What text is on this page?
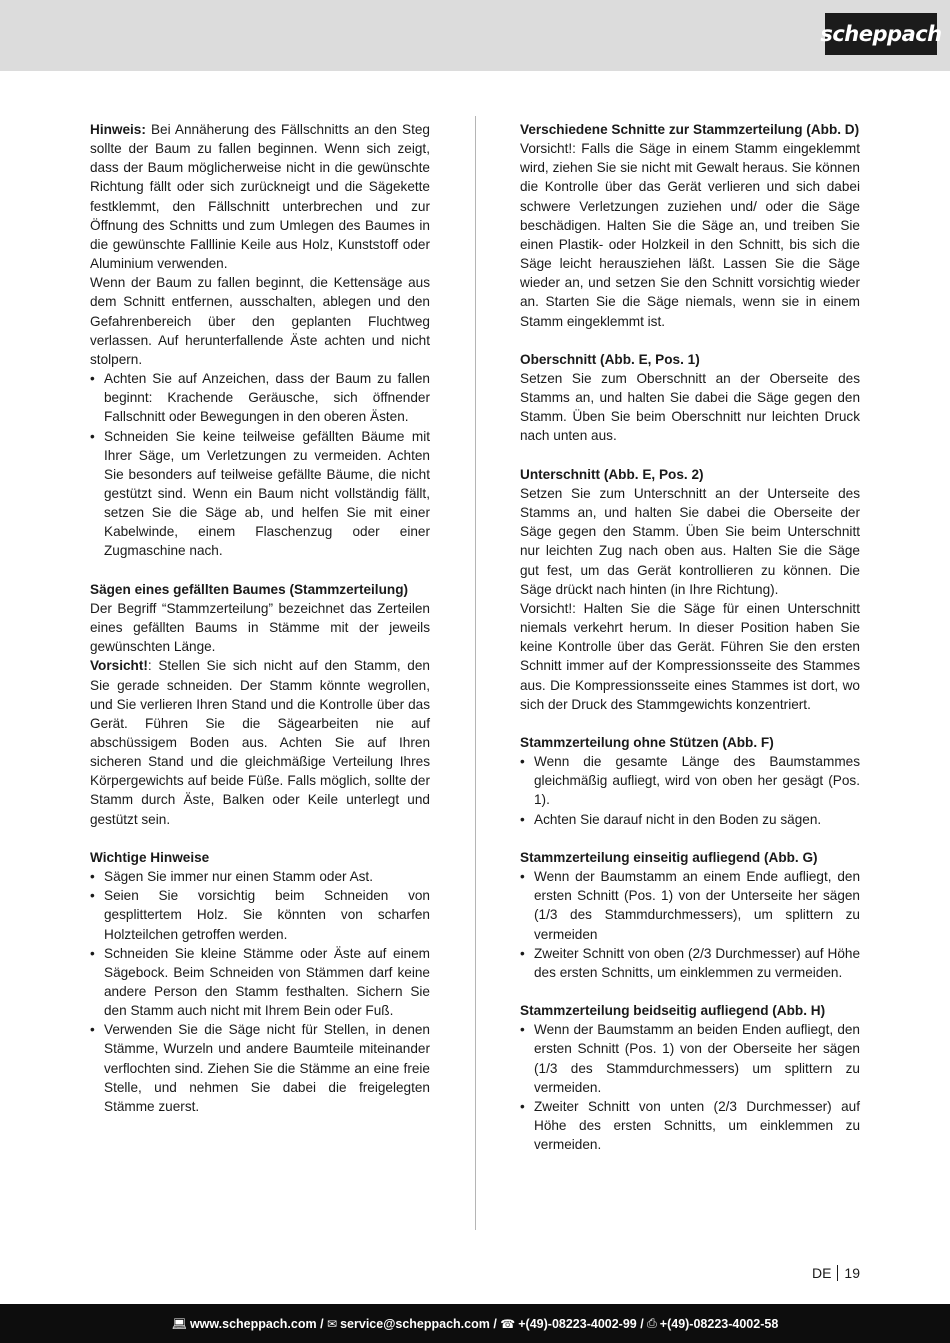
scheppach

Hinweis: Bei Annäherung des Fällschnitts an den Steg sollte der Baum zu fallen beginnen. Wenn sich zeigt, dass der Baum möglicherweise nicht in die gewünschte Richtung fällt oder sich zurückneigt und die Sägekette festklemmt, den Fällschnitt unterbrechen und zur Öffnung des Schnitts und zum Umlegen des Baumes in die gewünschte Falllinie Keile aus Holz, Kunststoff oder Aluminium verwenden.

Wenn der Baum zu fallen beginnt, die Kettensäge aus dem Schnitt entfernen, ausschalten, ablegen und den Gefahrenbereich über den geplanten Fluchtweg verlassen. Auf herunterfallende Äste achten und nicht stolpern.

• Achten Sie auf Anzeichen, dass der Baum zu fallen beginnt: Krachende Geräusche, sich öffnender Fallschnitt oder Bewegungen in den oberen Ästen.
• Schneiden Sie keine teilweise gefällten Bäume mit Ihrer Säge, um Verletzungen zu vermeiden. Achten Sie besonders auf teilweise gefällte Bäume, die nicht gestützt sind. Wenn ein Baum nicht vollständig fällt, setzen Sie die Säge ab, und helfen Sie mit einer Kabelwinde, einem Flaschenzug oder einer Zugmaschine nach.

Sägen eines gefällten Baumes (Stammzerteilung)

Der Begriff “Stammzerteilung” bezeichnet das Zerteilen eines gefällten Baums in Stämme mit der jeweils gewünschten Länge.

Vorsicht!: Stellen Sie sich nicht auf den Stamm, den Sie gerade schneiden. Der Stamm könnte wegrollen, und Sie verlieren Ihren Stand und die Kontrolle über das Gerät. Führen Sie die Sägearbeiten nie auf abschüssigem Boden aus. Achten Sie auf Ihren sicheren Stand und die gleichmäßige Verteilung Ihres Körpergewichts auf beide Füße. Falls möglich, sollte der Stamm durch Äste, Balken oder Keile unterlegt und gestützt sein.

Wichtige Hinweise

• Sägen Sie immer nur einen Stamm oder Ast.
• Seien Sie vorsichtig beim Schneiden von gesplittertem Holz. Sie könnten von scharfen Holzteilchen getroffen werden.
• Schneiden Sie kleine Stämme oder Äste auf einem Sägebock. Beim Schneiden von Stämmen darf keine andere Person den Stamm festhalten. Sichern Sie den Stamm auch nicht mit Ihrem Bein oder Fuß.
• Verwenden Sie die Säge nicht für Stellen, in denen Stämme, Wurzeln und andere Baumteile miteinander verflochten sind. Ziehen Sie die Stämme an eine freie Stelle, und nehmen Sie dabei die freigelegten Stämme zuerst.

Verschiedene Schnitte zur Stammzerteilung (Abb. D)

Vorsicht!: Falls die Säge in einem Stamm eingeklemmt wird, ziehen Sie sie nicht mit Gewalt heraus. Sie können die Kontrolle über das Gerät verlieren und sich dabei schwere Verletzungen zuziehen und/ oder die Säge beschädigen. Halten Sie die Säge an, und treiben Sie einen Plastik- oder Holzkeil in den Schnitt, bis sich die Säge leicht herausziehen läßt. Lassen Sie die Säge wieder an, und setzen Sie den Schnitt vorsichtig wieder an. Starten Sie die Säge niemals, wenn sie in einem Stamm eingeklemmt ist.

Oberschnitt (Abb. E, Pos. 1)

Setzen Sie zum Oberschnitt an der Oberseite des Stamms an, und halten Sie dabei die Säge gegen den Stamm. Üben Sie beim Oberschnitt nur leichten Druck nach unten aus.

Unterschnitt (Abb. E, Pos. 2)

Setzen Sie zum Unterschnitt an der Unterseite des Stamms an, und halten Sie dabei die Oberseite der Säge gegen den Stamm. Üben Sie beim Unterschnitt nur leichten Zug nach oben aus. Halten Sie die Säge gut fest, um das Gerät kontrollieren zu können. Die Säge drückt nach hinten (in Ihre Richtung).

Vorsicht!: Halten Sie die Säge für einen Unterschnitt niemals verkehrt herum. In dieser Position haben Sie keine Kontrolle über das Gerät. Führen Sie den ersten Schnitt immer auf der Kompressionsseite des Stammes aus. Die Kompressionsseite eines Stammes ist dort, wo sich der Druck des Stammgewichts konzentriert.

Stammzerteilung ohne Stützen (Abb. F)

• Wenn die gesamte Länge des Baumstammes gleichmäßig aufliegt, wird von oben her gesägt (Pos. 1).
• Achten Sie darauf nicht in den Boden zu sägen.

Stammzerteilung einseitig aufliegend (Abb. G)

• Wenn der Baumstamm an einem Ende aufliegt, den ersten Schnitt (Pos. 1) von der Unterseite her sägen (1/3 des Stammdurchmessers), um splittern zu vermeiden
• Zweiter Schnitt von oben (2/3 Durchmesser) auf Höhe des ersten Schnitts, um einklemmen zu vermeiden.

Stammzerteilung beidseitig aufliegend (Abb. H)

• Wenn der Baumstamm an beiden Enden aufliegt, den ersten Schnitt (Pos. 1) von der Oberseite her sägen (1/3 des Stammdurchmessers) um splittern zu vermeiden.
• Zweiter Schnitt von unten (2/3 Durchmesser) auf Höhe des ersten Schnitts, um einklemmen zu vermeiden.
DE 19
💻︎ www.scheppach.com /
✉︎ service@scheppach.com /
☎ +(49)-08223-4002-99 /
⎙ +(49)-08223-4002-58
